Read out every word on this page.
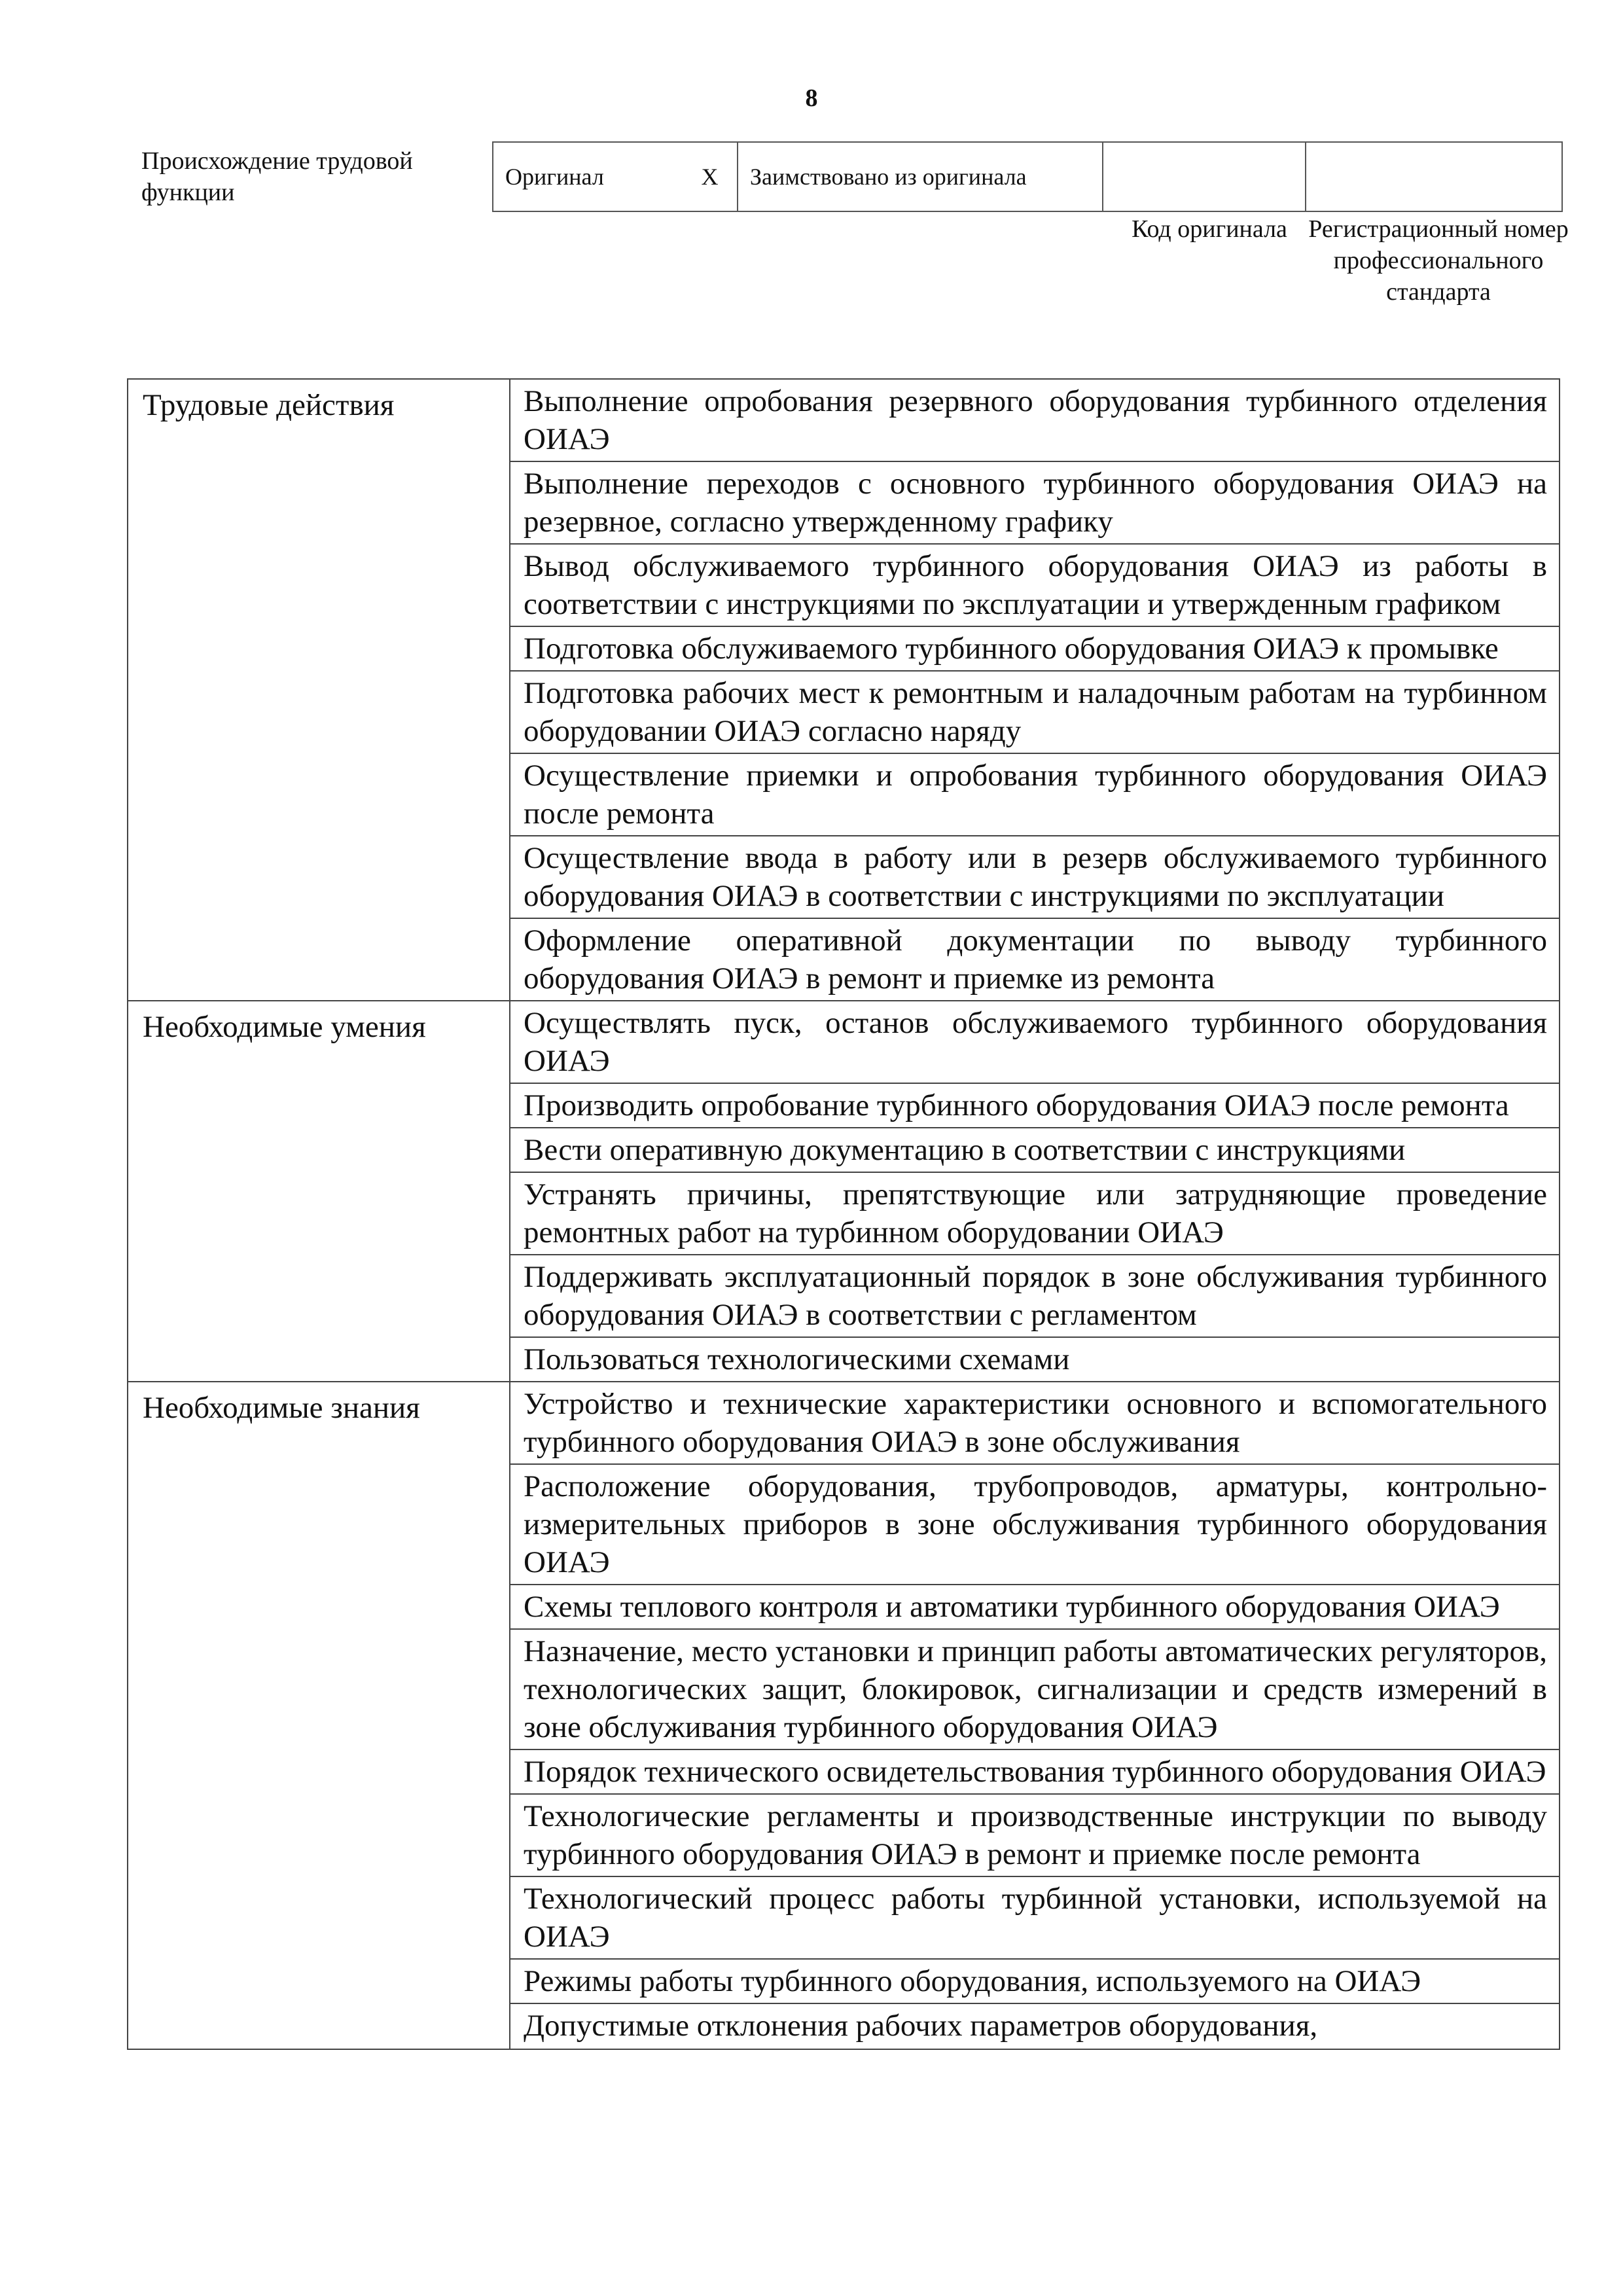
8
Происхождение трудовой функции
Оригинал	X	Заимствовано из оригинала		
Код оригинала Регистрационный номер профессионального стандарта
Трудовые действия	Выполнение опробования резервного оборудования турбинного отделения ОИАЭ
	Выполнение переходов с основного турбинного оборудования ОИАЭ на резервное, согласно утвержденному графику
	Вывод обслуживаемого турбинного оборудования ОИАЭ из работы в соответствии с инструкциями по эксплуатации и утвержденным графиком
	Подготовка обслуживаемого турбинного оборудования ОИАЭ к промывке
	Подготовка рабочих мест к ремонтным и наладочным работам на турбинном оборудовании ОИАЭ согласно наряду
	Осуществление приемки и опробования турбинного оборудования ОИАЭ после ремонта
	Осуществление ввода в работу или в резерв обслуживаемого турбинного оборудования ОИАЭ в соответствии с инструкциями по эксплуатации
	Оформление оперативной документации по выводу турбинного оборудования ОИАЭ в ремонт и приемке из ремонта
Необходимые умения	Осуществлять пуск, останов обслуживаемого турбинного оборудования ОИАЭ
	Производить опробование турбинного оборудования ОИАЭ после ремонта
	Вести оперативную документацию в соответствии с инструкциями
	Устранять причины, препятствующие или затрудняющие проведение ремонтных работ на турбинном оборудовании ОИАЭ
	Поддерживать эксплуатационный порядок в зоне обслуживания турбинного оборудования ОИАЭ в соответствии с регламентом
	Пользоваться технологическими схемами
Необходимые знания	Устройство и технические характеристики основного и вспомогательного турбинного оборудования ОИАЭ в зоне обслуживания
	Расположение оборудования, трубопроводов, арматуры, контрольно-измерительных приборов в зоне обслуживания турбинного оборудования ОИАЭ
	Схемы теплового контроля и автоматики турбинного оборудования ОИАЭ
	Назначение, место установки и принцип работы автоматических регуляторов, технологических защит, блокировок, сигнализации и средств измерений в зоне обслуживания турбинного оборудования ОИАЭ
	Порядок технического освидетельствования турбинного оборудования ОИАЭ
	Технологические регламенты и производственные инструкции по выводу турбинного оборудования ОИАЭ в ремонт и приемке после ремонта
	Технологический процесс работы турбинной установки, используемой на ОИАЭ
	Режимы работы турбинного оборудования, используемого на ОИАЭ
	Допустимые отклонения рабочих параметров оборудования,
